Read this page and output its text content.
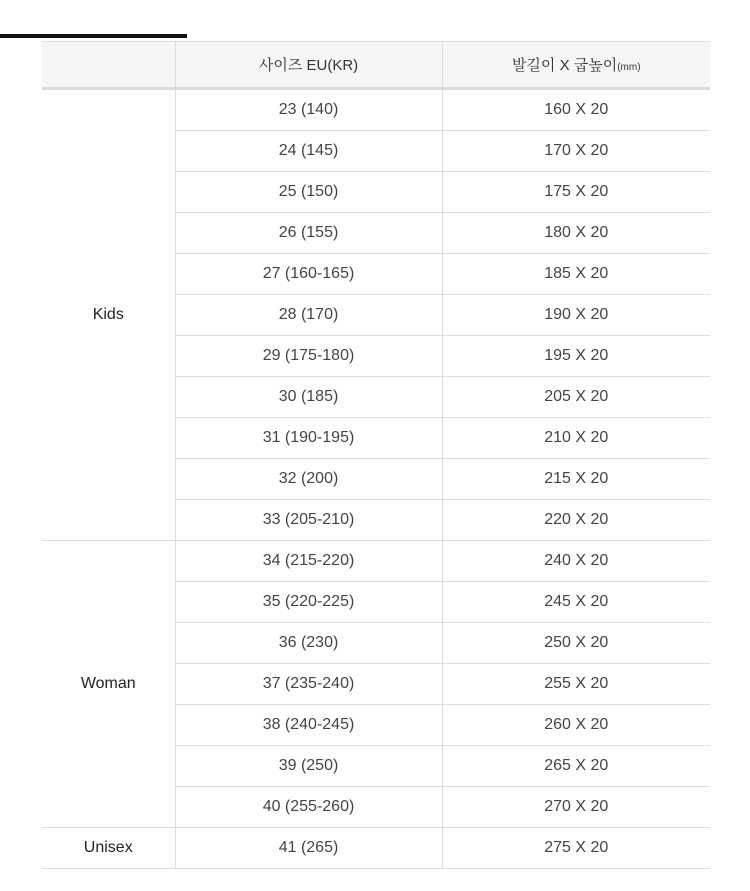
	사이즈 EU(KR)	발길이 X 굽높이(mm)
Kids	23 (140)	160 X 20
	24 (145)	170 X 20
	25 (150)	175 X 20
	26 (155)	180 X 20
	27 (160-165)	185 X 20
	28 (170)	190 X 20
	29 (175-180)	195 X 20
	30 (185)	205 X 20
	31 (190-195)	210 X 20
	32 (200)	215 X 20
	33 (205-210)	220 X 20
Woman	34 (215-220)	240 X 20
	35 (220-225)	245 X 20
	36 (230)	250 X 20
	37 (235-240)	255 X 20
	38 (240-245)	260 X 20
	39 (250)	265 X 20
	40 (255-260)	270 X 20
Unisex	41 (265)	275 X 20
